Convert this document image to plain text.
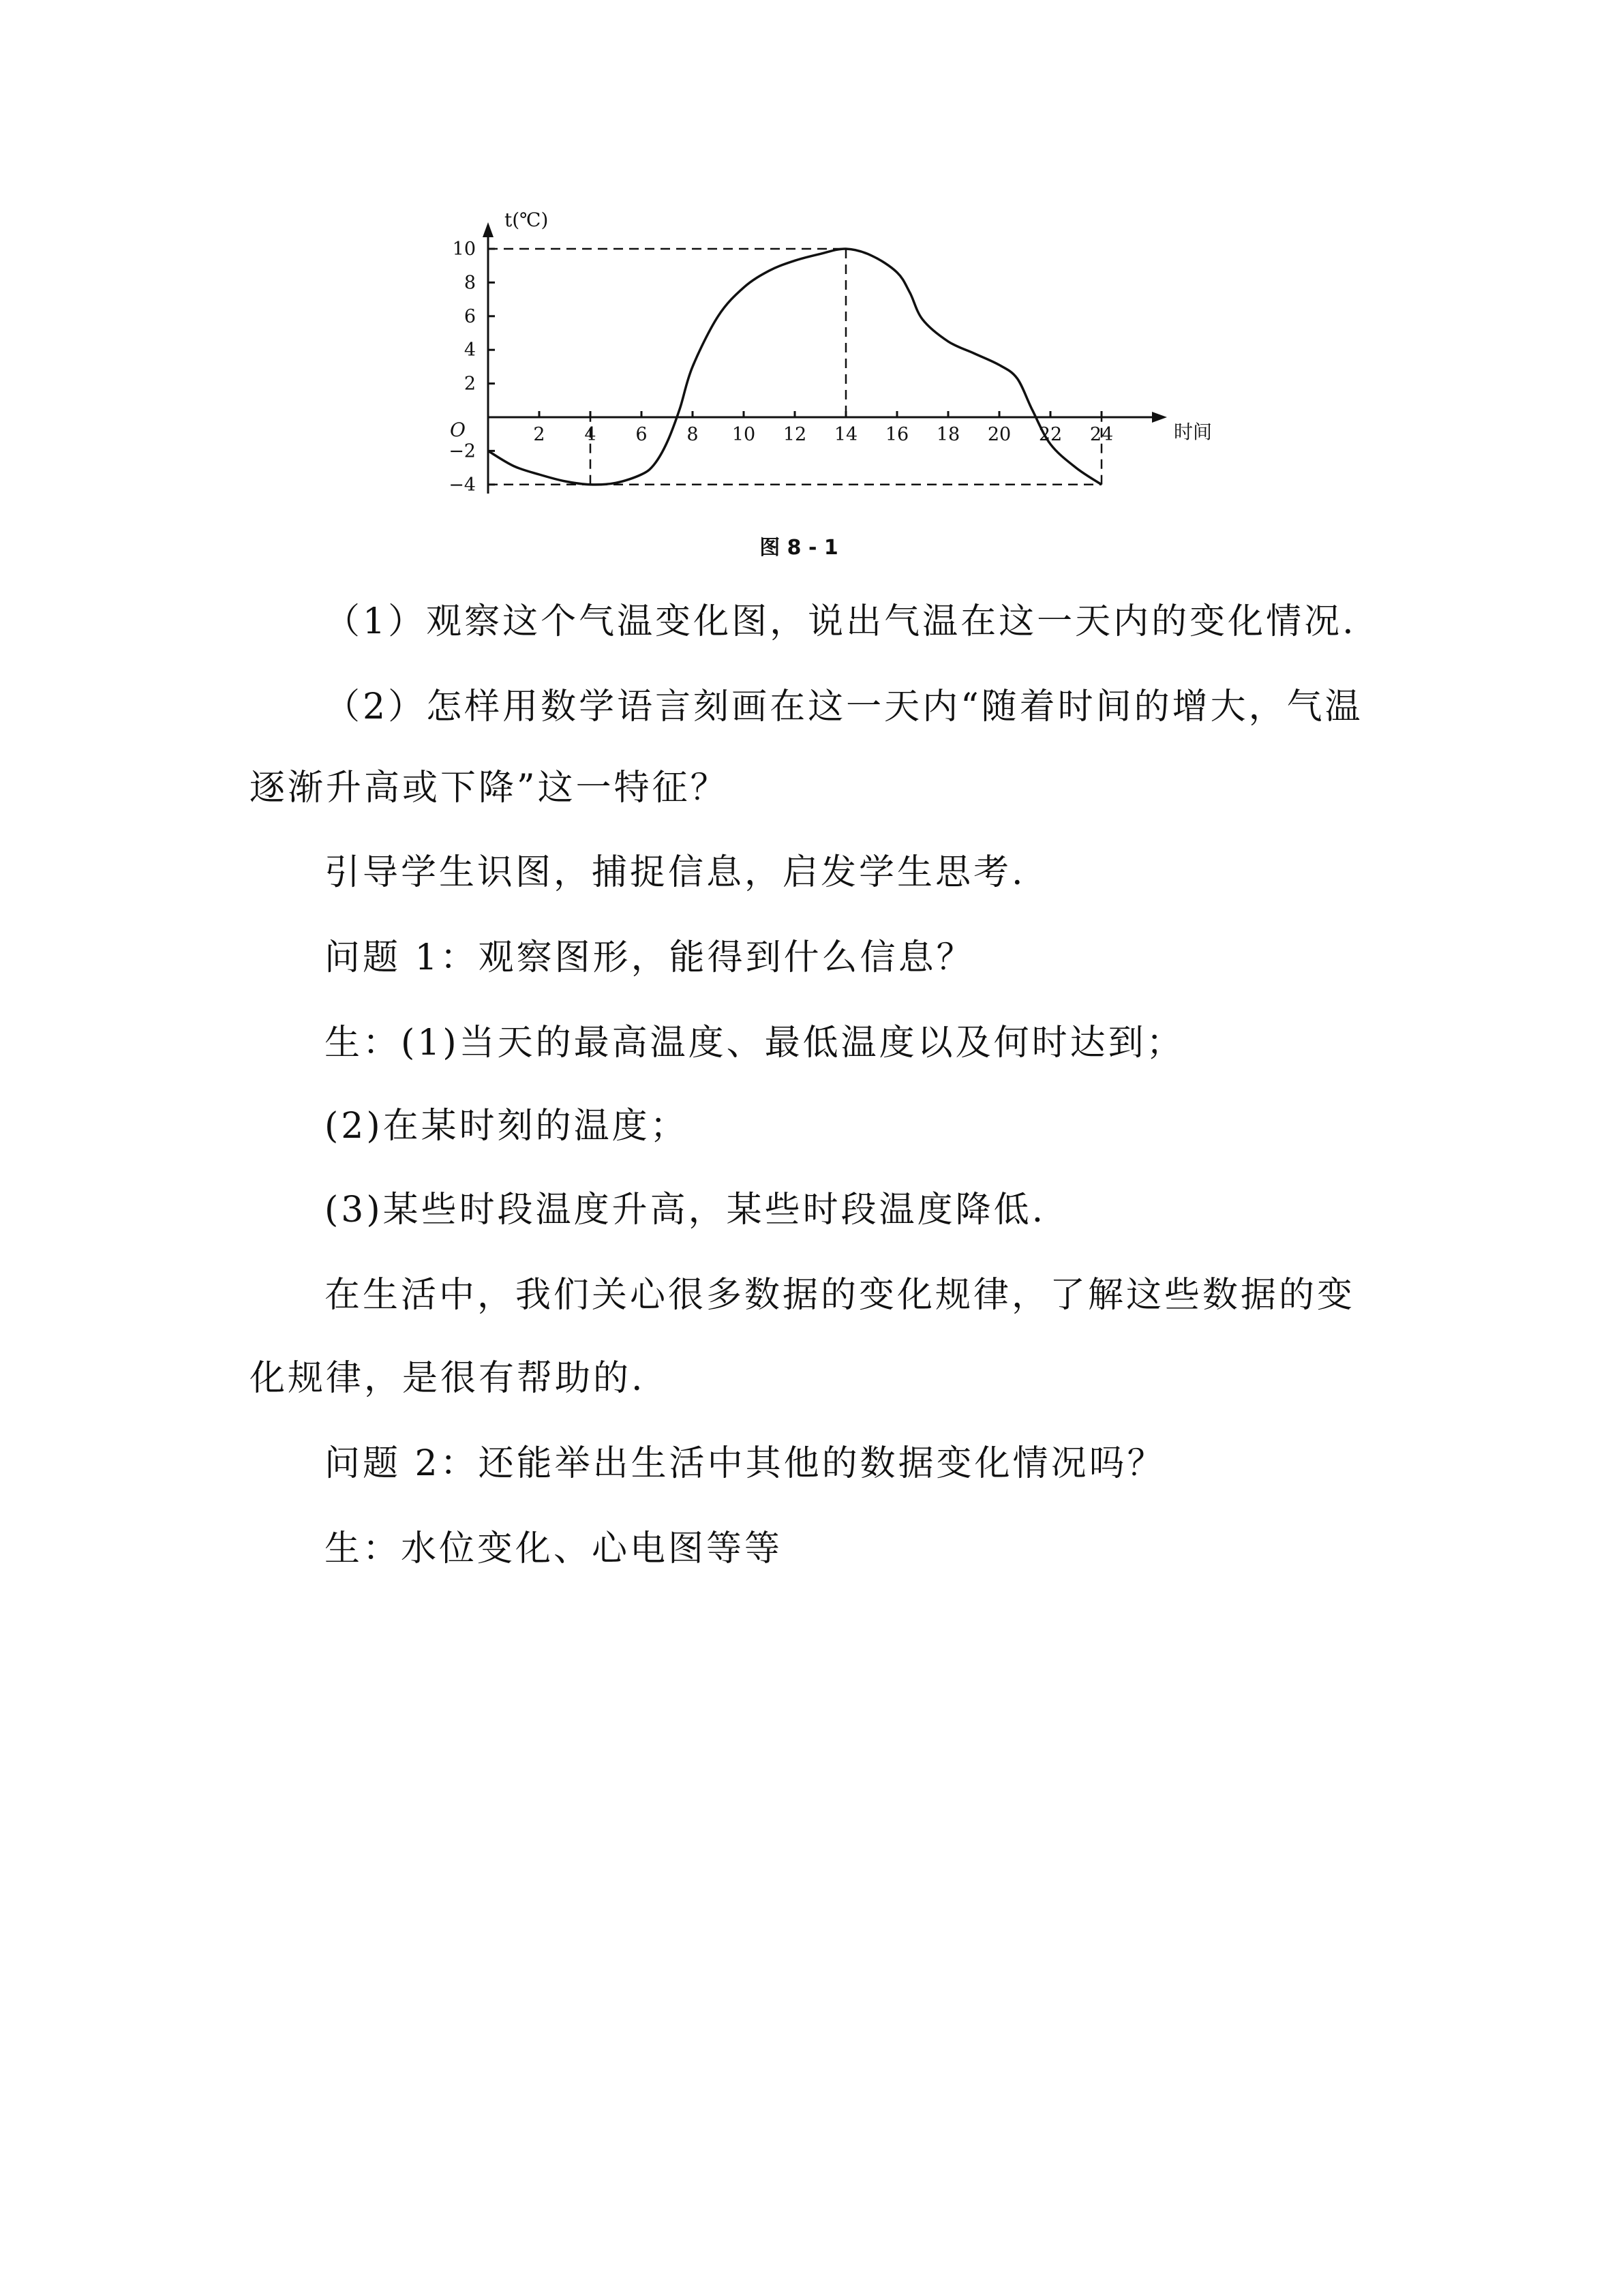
t(℃)
时间
O	2 4 6 8 10 12 14 16 18 20 22 24
10
8
6
4
2
−2
−4
图 8 - 1

（1）观察这个气温变化图，说出气温在这一天内的变化情况.

（2）怎样用数学语言刻画在这一天内“随着时间的增大，气温

逐渐升高或下降”这一特征？

引导学生识图，捕捉信息，启发学生思考.

问题 1：观察图形，能得到什么信息？

生：(1)当天的最高温度、最低温度以及何时达到；

(2)在某时刻的温度；

(3)某些时段温度升高，某些时段温度降低.

在生活中，我们关心很多数据的变化规律，了解这些数据的变

化规律，是很有帮助的.

问题 2：还能举出生活中其他的数据变化情况吗？

生：水位变化、心电图等等
